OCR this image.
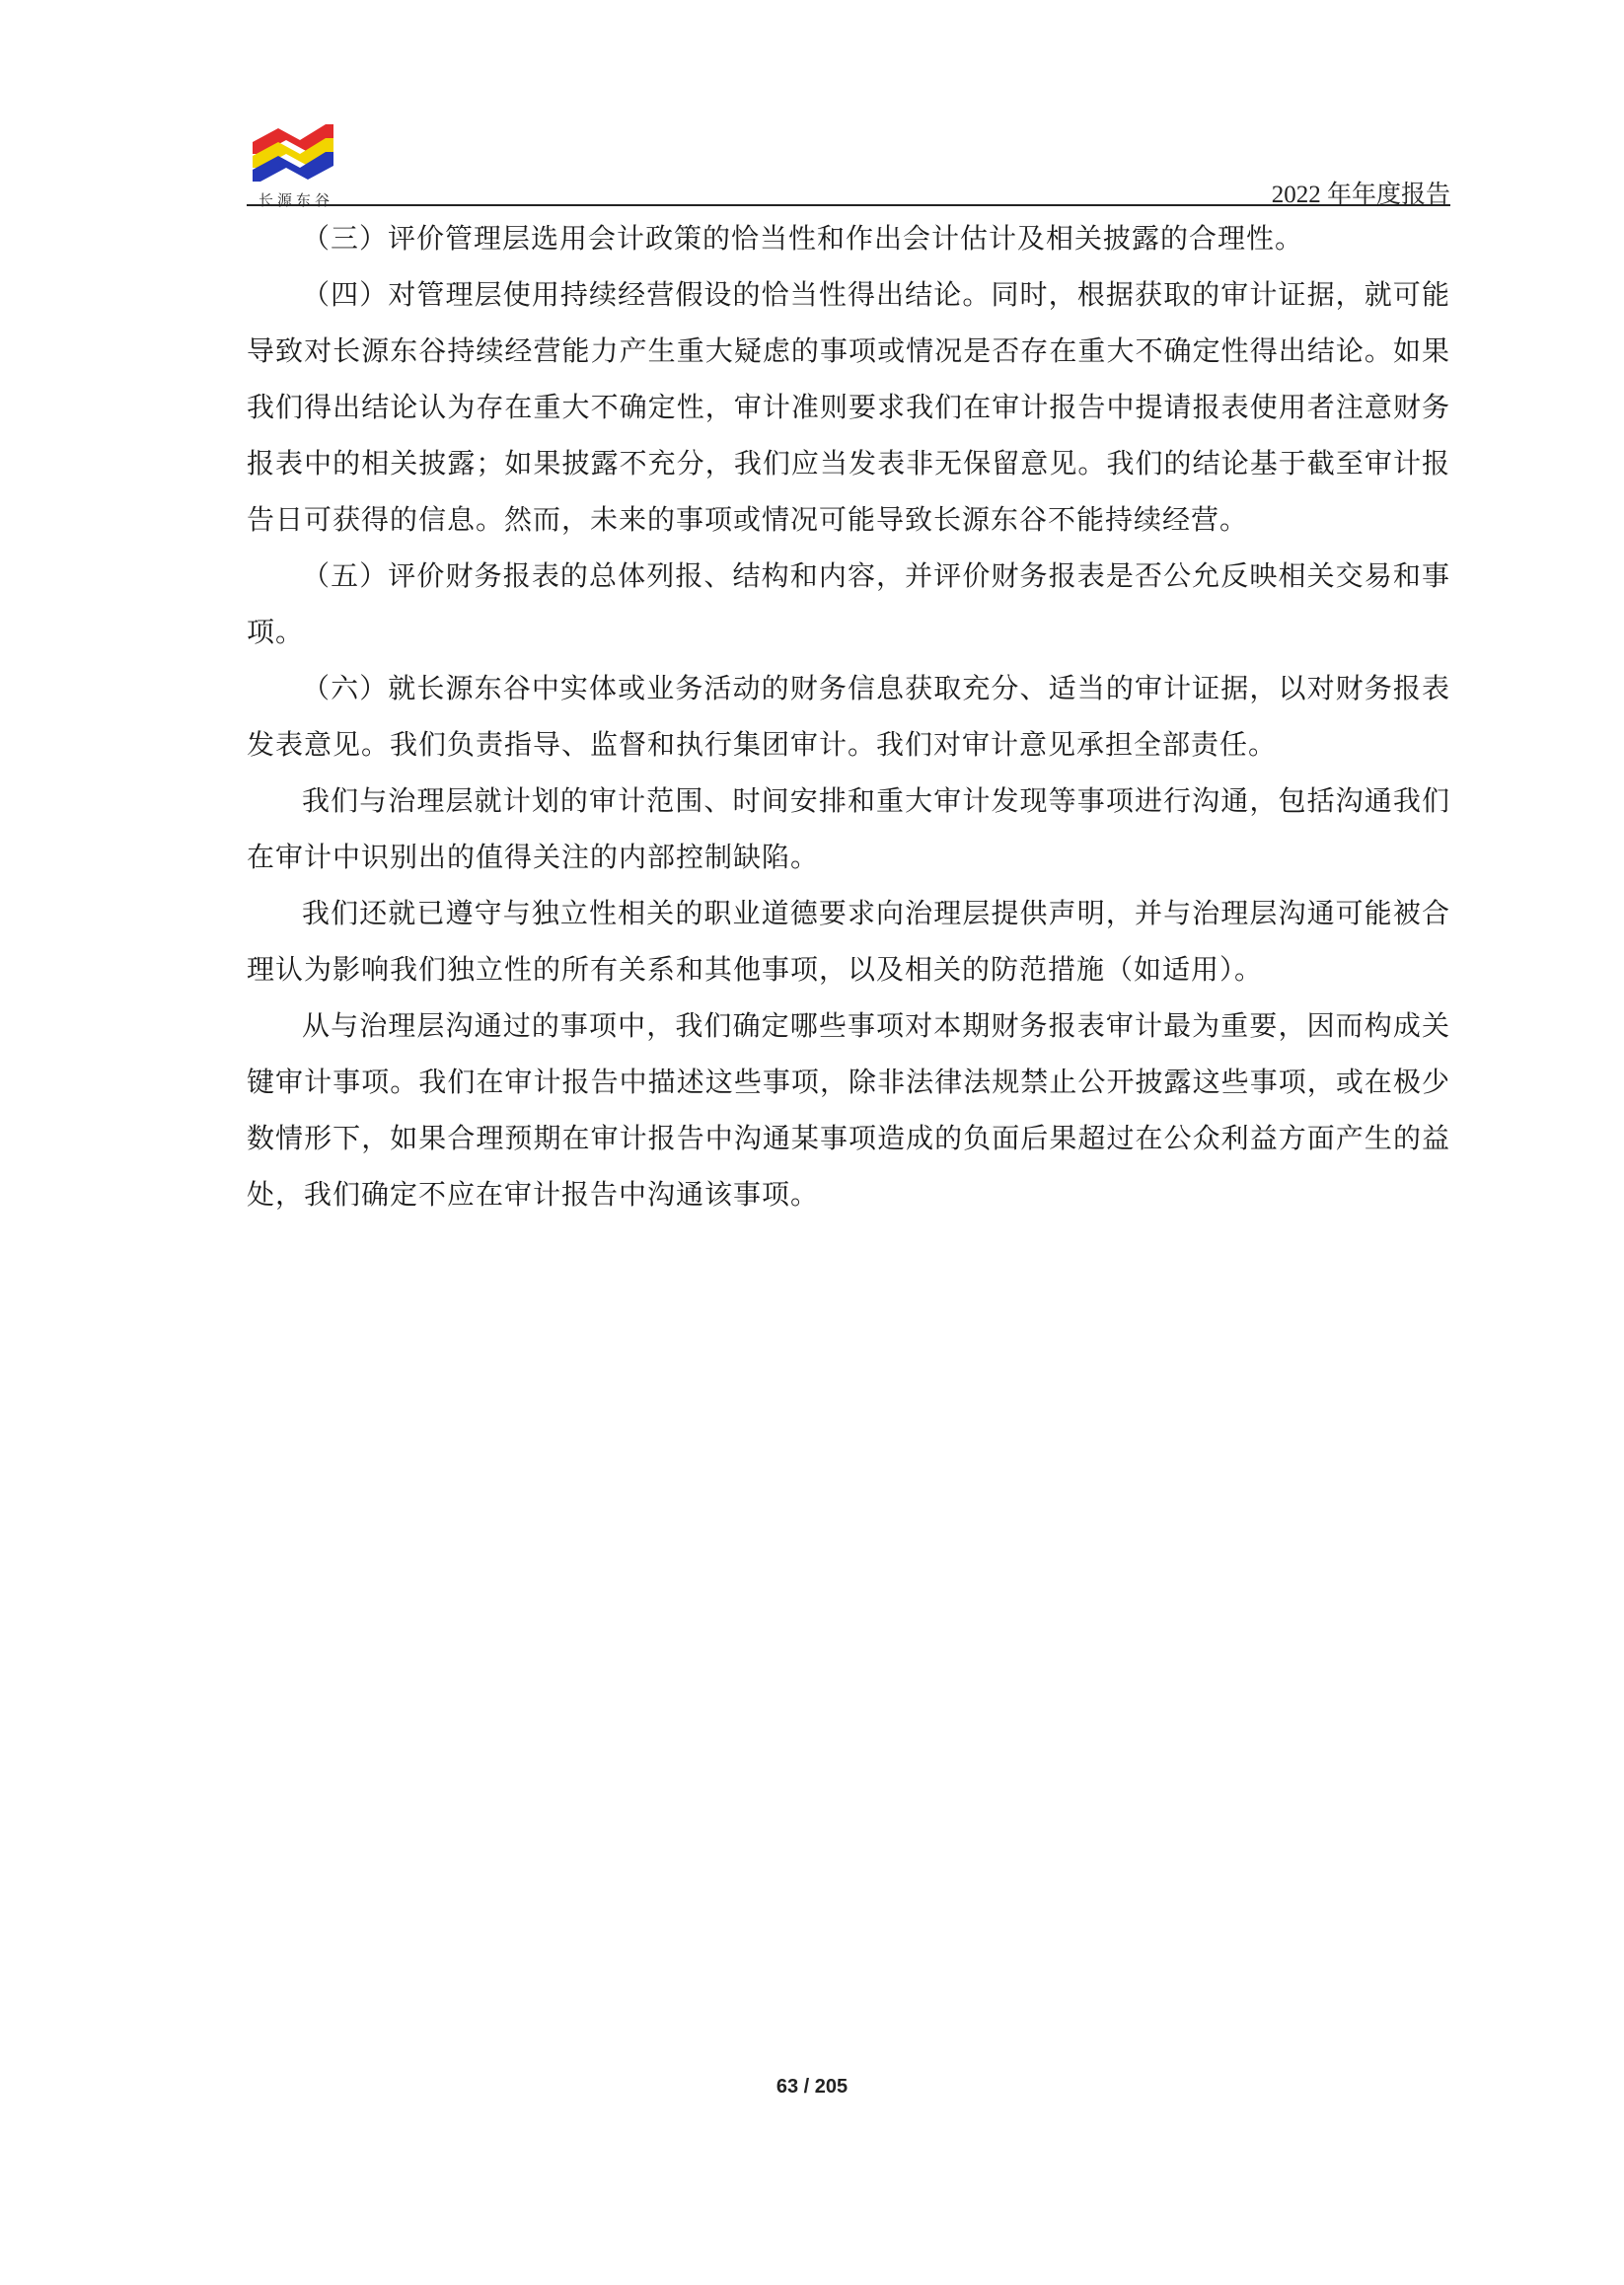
长源东谷	2022 年年度报告

（三）评价管理层选用会计政策的恰当性和作出会计估计及相关披露的合理性。

（四）对管理层使用持续经营假设的恰当性得出结论。同时，根据获取的审计证据，就可能导致对长源东谷持续经营能力产生重大疑虑的事项或情况是否存在重大不确定性得出结论。如果我们得出结论认为存在重大不确定性，审计准则要求我们在审计报告中提请报表使用者注意财务报表中的相关披露；如果披露不充分，我们应当发表非无保留意见。我们的结论基于截至审计报告日可获得的信息。然而，未来的事项或情况可能导致长源东谷不能持续经营。

（五）评价财务报表的总体列报、结构和内容，并评价财务报表是否公允反映相关交易和事项。

（六）就长源东谷中实体或业务活动的财务信息获取充分、适当的审计证据，以对财务报表发表意见。我们负责指导、监督和执行集团审计。我们对审计意见承担全部责任。

我们与治理层就计划的审计范围、时间安排和重大审计发现等事项进行沟通，包括沟通我们在审计中识别出的值得关注的内部控制缺陷。

我们还就已遵守与独立性相关的职业道德要求向治理层提供声明，并与治理层沟通可能被合理认为影响我们独立性的所有关系和其他事项，以及相关的防范措施（如适用）。

从与治理层沟通过的事项中，我们确定哪些事项对本期财务报表审计最为重要，因而构成关键审计事项。我们在审计报告中描述这些事项，除非法律法规禁止公开披露这些事项，或在极少数情形下，如果合理预期在审计报告中沟通某事项造成的负面后果超过在公众利益方面产生的益处，我们确定不应在审计报告中沟通该事项。

63 / 205
